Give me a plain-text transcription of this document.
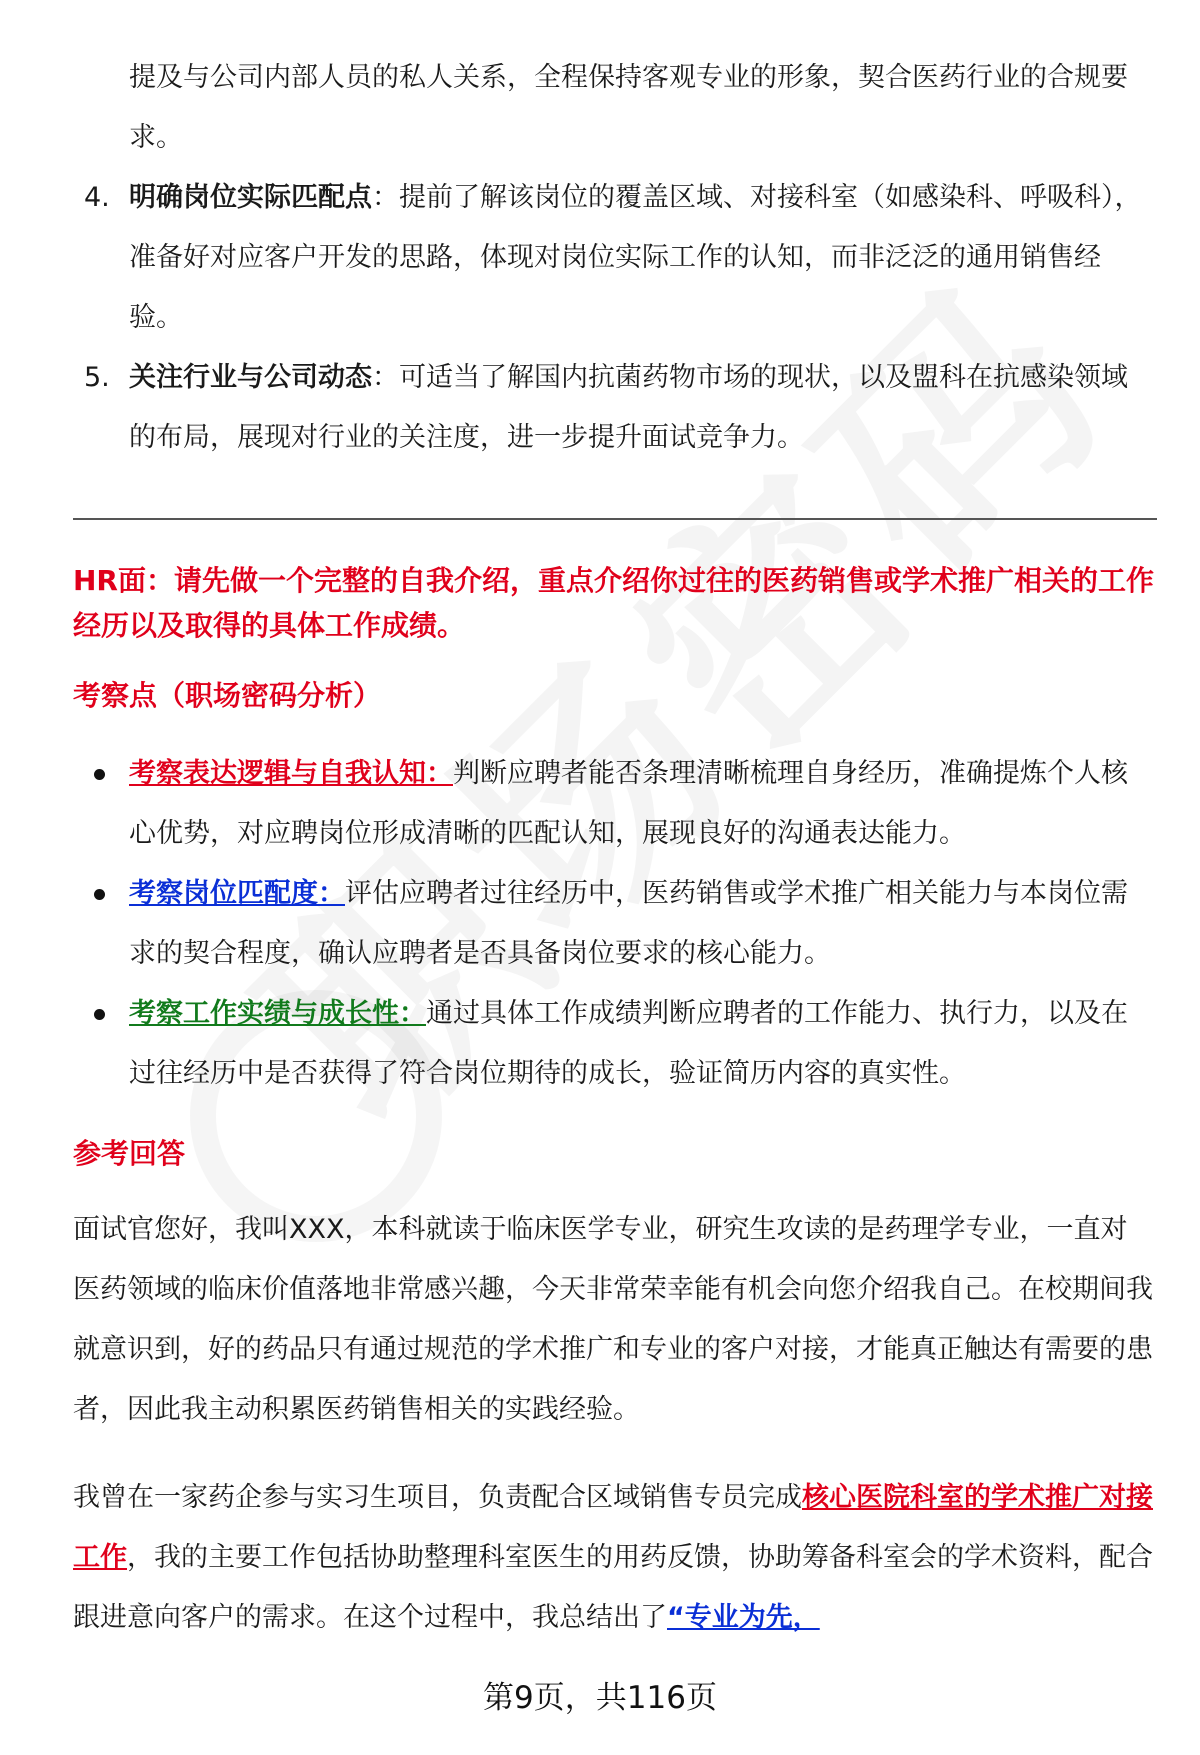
提及与公司内部人员的私人关系，全程保持客观专业的形象，契合医药行业的合规要求。
4. 明确岗位实际匹配点：提前了解该岗位的覆盖区域、对接科室（如感染科、呼吸科），准备好对应客户开发的思路，体现对岗位实际工作的认知，而非泛泛的通用销售经验。
5. 关注行业与公司动态：可适当了解国内抗菌药物市场的现状，以及盟科在抗感染领域的布局，展现对行业的关注度，进一步提升面试竞争力。
HR面：请先做一个完整的自我介绍，重点介绍你过往的医药销售或学术推广相关的工作经历以及取得的具体工作成绩。
考察点（职场密码分析）
考察表达逻辑与自我认知：判断应聘者能否条理清晰梳理自身经历，准确提炼个人核心优势，对应聘岗位形成清晰的匹配认知，展现良好的沟通表达能力。
考察岗位匹配度：评估应聘者过往经历中，医药销售或学术推广相关能力与本岗位需求的契合程度，确认应聘者是否具备岗位要求的核心能力。
考察工作实绩与成长性：通过具体工作成绩判断应聘者的工作能力、执行力，以及在过往经历中是否获得了符合岗位期待的成长，验证简历内容的真实性。
参考回答
面试官您好，我叫XXX，本科就读于临床医学专业，研究生攻读的是药理学专业，一直对医药领域的临床价值落地非常感兴趣，今天非常荣幸能有机会向您介绍我自己。在校期间我就意识到，好的药品只有通过规范的学术推广和专业的客户对接，才能真正触达有需要的患者，因此我主动积累医药销售相关的实践经验。
我曾在一家药企参与实习生项目，负责配合区域销售专员完成核心医院科室的学术推广对接工作，我的主要工作包括协助整理科室医生的用药反馈，协助筹备科室会的学术资料，配合跟进意向客户的需求。在这个过程中，我总结出了“专业为先，
第9页，共116页
